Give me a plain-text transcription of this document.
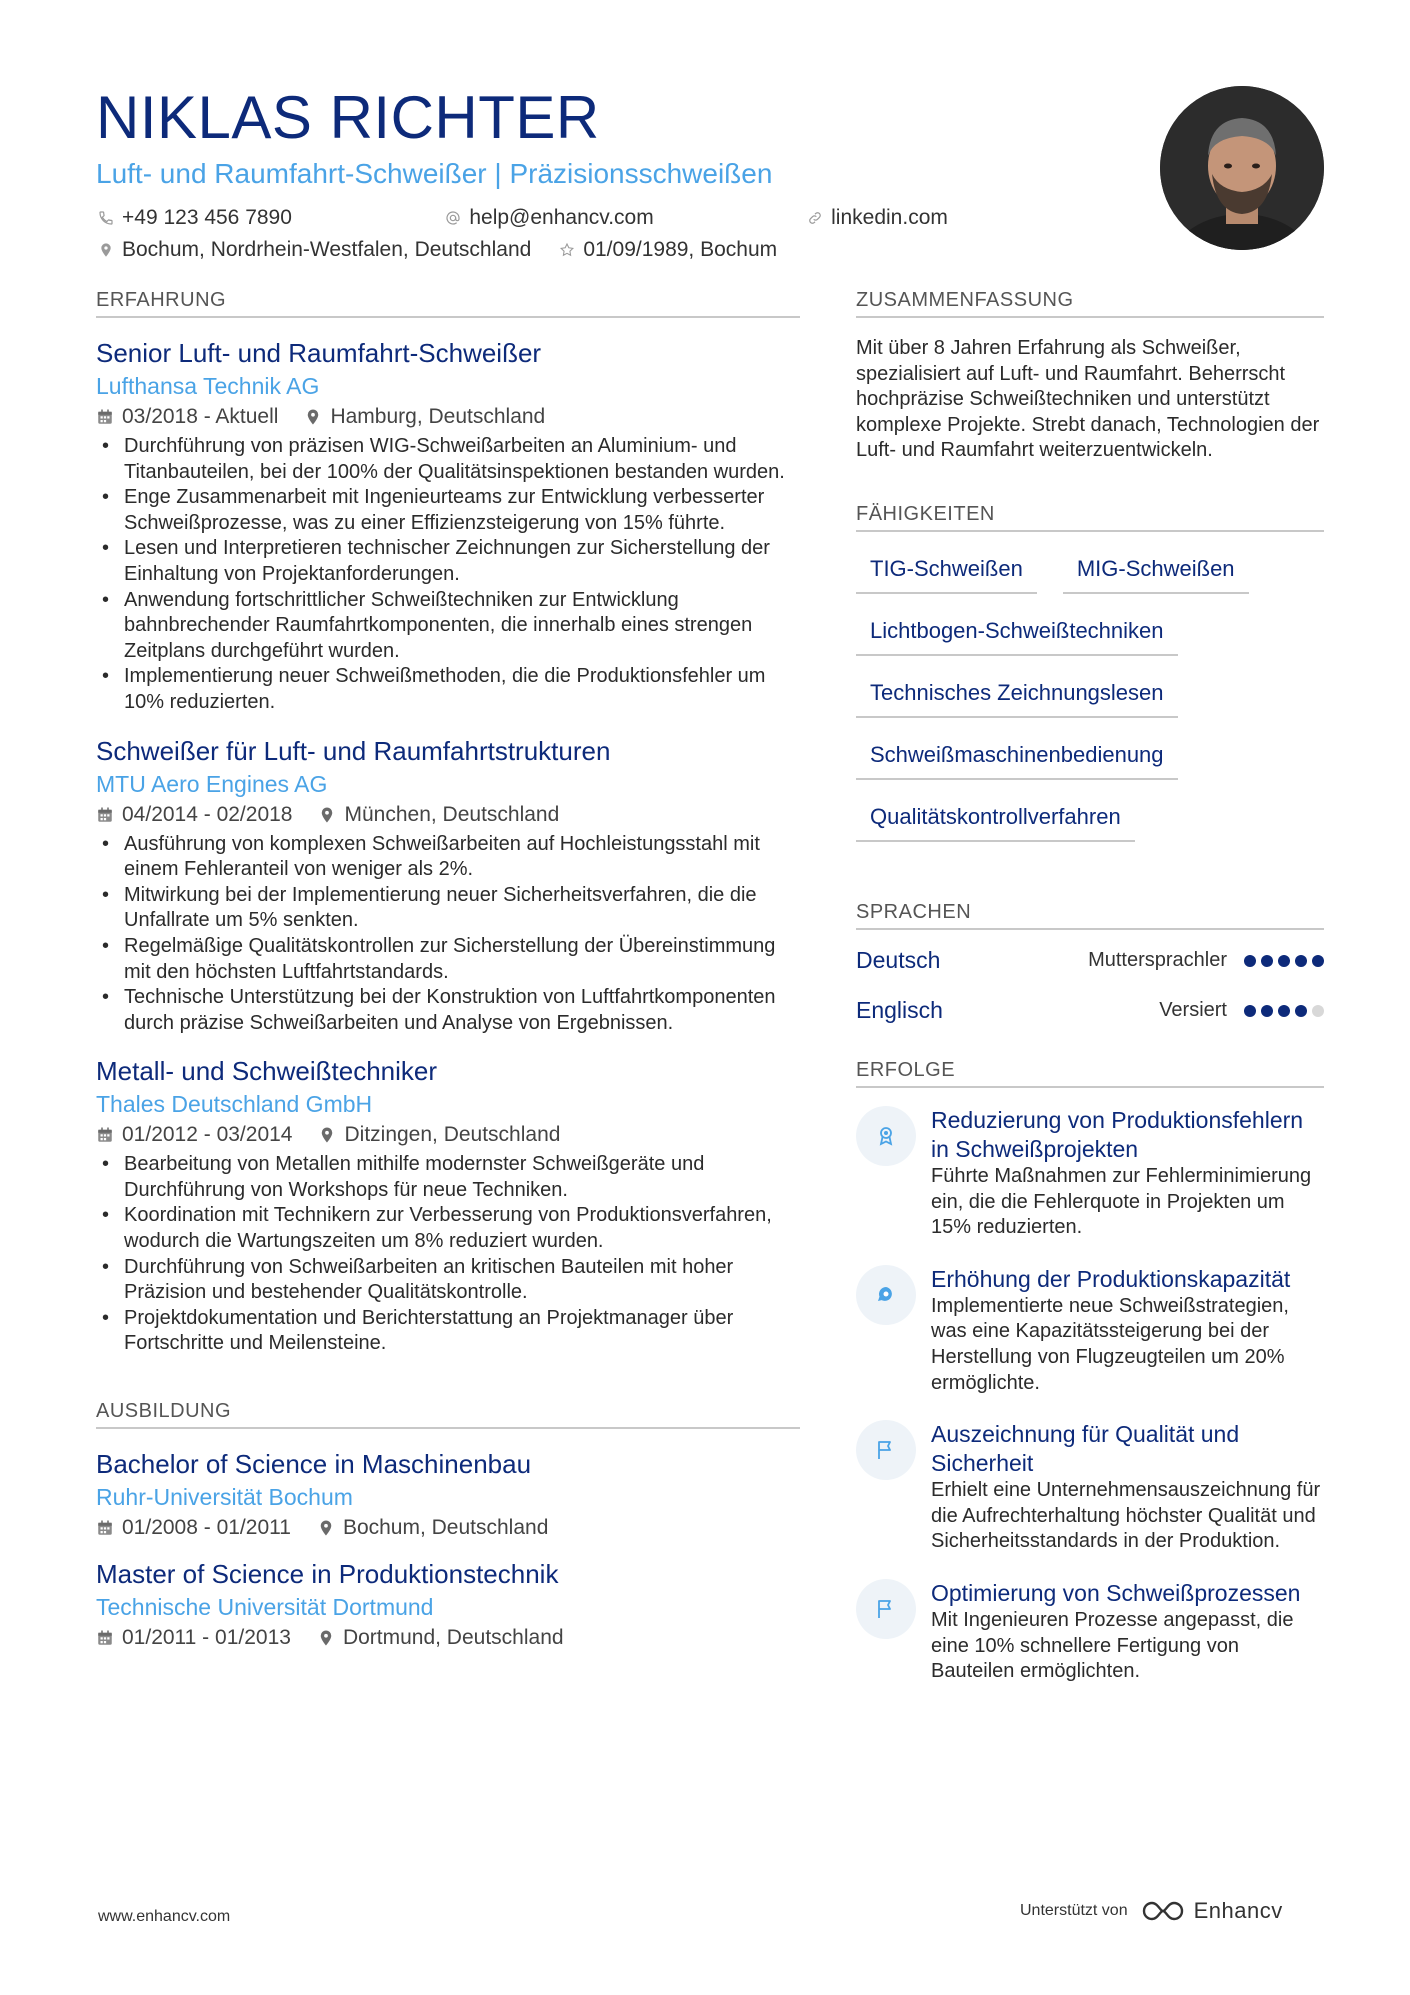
NIKLAS RICHTER
Luft- und Raumfahrt-Schweißer | Präzisionsschweißen
+49 123 456 7890	help@enhancv.com	linkedin.com
Bochum, Nordrhein-Westfalen, Deutschland 01/09/1989, Bochum
ERFAHRUNG
Senior Luft- und Raumfahrt-Schweißer
Lufthansa Technik AG
03/2018 - Aktuell Hamburg, Deutschland
• Durchführung von präzisen WIG-Schweißarbeiten an Aluminium- und Titanbauteilen, bei der 100% der Qualitätsinspektionen bestanden wurden.
• Enge Zusammenarbeit mit Ingenieurteams zur Entwicklung verbesserter Schweißprozesse, was zu einer Effizienzsteigerung von 15% führte.
• Lesen und Interpretieren technischer Zeichnungen zur Sicherstellung der Einhaltung von Projektanforderungen.
• Anwendung fortschrittlicher Schweißtechniken zur Entwicklung bahnbrechender Raumfahrtkomponenten, die innerhalb eines strengen Zeitplans durchgeführt wurden.
• Implementierung neuer Schweißmethoden, die die Produktionsfehler um 10% reduzierten.
Schweißer für Luft- und Raumfahrtstrukturen
MTU Aero Engines AG
04/2014 - 02/2018 München, Deutschland
• Ausführung von komplexen Schweißarbeiten auf Hochleistungsstahl mit einem Fehleranteil von weniger als 2%.
• Mitwirkung bei der Implementierung neuer Sicherheitsverfahren, die die Unfallrate um 5% senkten.
• Regelmäßige Qualitätskontrollen zur Sicherstellung der Übereinstimmung mit den höchsten Luftfahrtstandards.
• Technische Unterstützung bei der Konstruktion von Luftfahrtkomponenten durch präzise Schweißarbeiten und Analyse von Ergebnissen.
Metall- und Schweißtechniker
Thales Deutschland GmbH
01/2012 - 03/2014 Ditzingen, Deutschland
• Bearbeitung von Metallen mithilfe modernster Schweißgeräte und Durchführung von Workshops für neue Techniken.
• Koordination mit Technikern zur Verbesserung von Produktionsverfahren, wodurch die Wartungszeiten um 8% reduziert wurden.
• Durchführung von Schweißarbeiten an kritischen Bauteilen mit hoher Präzision und bestehender Qualitätskontrolle.
• Projektdokumentation und Berichterstattung an Projektmanager über Fortschritte und Meilensteine.
AUSBILDUNG
Bachelor of Science in Maschinenbau
Ruhr-Universität Bochum
01/2008 - 01/2011 Bochum, Deutschland
Master of Science in Produktionstechnik
Technische Universität Dortmund
01/2011 - 01/2013 Dortmund, Deutschland
ZUSAMMENFASSUNG

Mit über 8 Jahren Erfahrung als Schweißer, spezialisiert auf Luft- und Raumfahrt. Beherrscht hochpräzise Schweißtechniken und unterstützt komplexe Projekte. Strebt danach, Technologien der Luft- und Raumfahrt weiterzuentwickeln.

FÄHIGKEITEN
TIG-Schweißen	MIG-Schweißen
Lichtbogen-Schweißtechniken
Technisches Zeichnungslesen
Schweißmaschinenbedienung
Qualitätskontrollverfahren
SPRACHEN
Deutsch	Muttersprachler
Englisch	Versiert
ERFOLGE
Reduzierung von Produktionsfehlern in Schweißprojekten
Führte Maßnahmen zur Fehlerminimierung ein, die die Fehlerquote in Projekten um 15% reduzierten.
Erhöhung der Produktionskapazität
Implementierte neue Schweißstrategien, was eine Kapazitätssteigerung bei der Herstellung von Flugzeugteilen um 20% ermöglichte.
Auszeichnung für Qualität und Sicherheit
Erhielt eine Unternehmensauszeichnung für die Aufrechterhaltung höchster Qualität und Sicherheitsstandards in der Produktion.
Optimierung von Schweißprozessen
Mit Ingenieuren Prozesse angepasst, die eine 10% schnellere Fertigung von Bauteilen ermöglichten.
www.enhancv.com	Unterstützt von	Enhancv
